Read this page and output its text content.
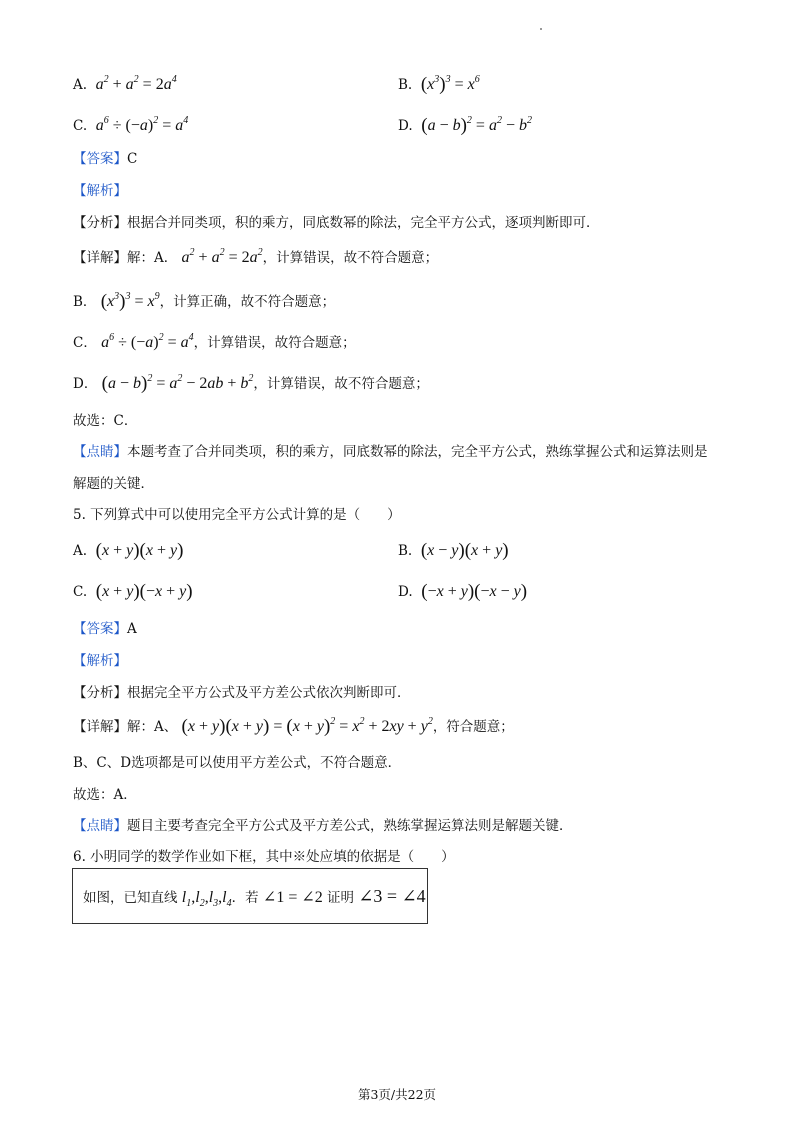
A. $a^2 + a^2 = 2a^4$	B. $(x^3)^3 = x^6$
C. $a^6 \div (-a)^2 = a^4$	D. $(a - b)^2 = a^2 - b^2$
【答案】C
【解析】
【分析】根据合并同类项，积的乘方，同底数幂的除法，完全平方公式，逐项判断即可．
【详解】解：A． $a^2 + a^2 = 2a^2$，计算错误，故不符合题意；
B． $(x^3)^3 = x^9$，计算正确，故不符合题意；
C． $a^6 \div (-a)^2 = a^4$，计算错误，故符合题意；
D． $(a - b)^2 = a^2 - 2ab + b^2$，计算错误，故不符合题意；
故选：C．
【点睛】本题考查了合并同类项，积的乘方，同底数幂的除法，完全平方公式，熟练掌握公式和运算法则是
解题的关键．
5. 下列算式中可以使用完全平方公式计算的是（　　）
A. (x + y)(x + y)	B. (x − y)(x + y)
C. (x + y)(−x + y)	D. (−x + y)(−x − y)
【答案】A
【解析】
【分析】根据完全平方公式及平方差公式依次判断即可．
【详解】解：A、 $(x + y)(x + y) = (x + y)^2 = x^2 + 2xy + y^2$，符合题意；
B、C、D选项都是可以使用平方差公式，不符合题意．
故选：A．
【点睛】题目主要考查完全平方公式及平方差公式，熟练掌握运算法则是解题关键．
6. 小明同学的数学作业如下框，其中※处应填的依据是（　　）
如图，已知直线 $l_1,l_2,l_3,l_4$．若 ∠1 = ∠2 证明 ∠3 = ∠4
第3页/共22页
